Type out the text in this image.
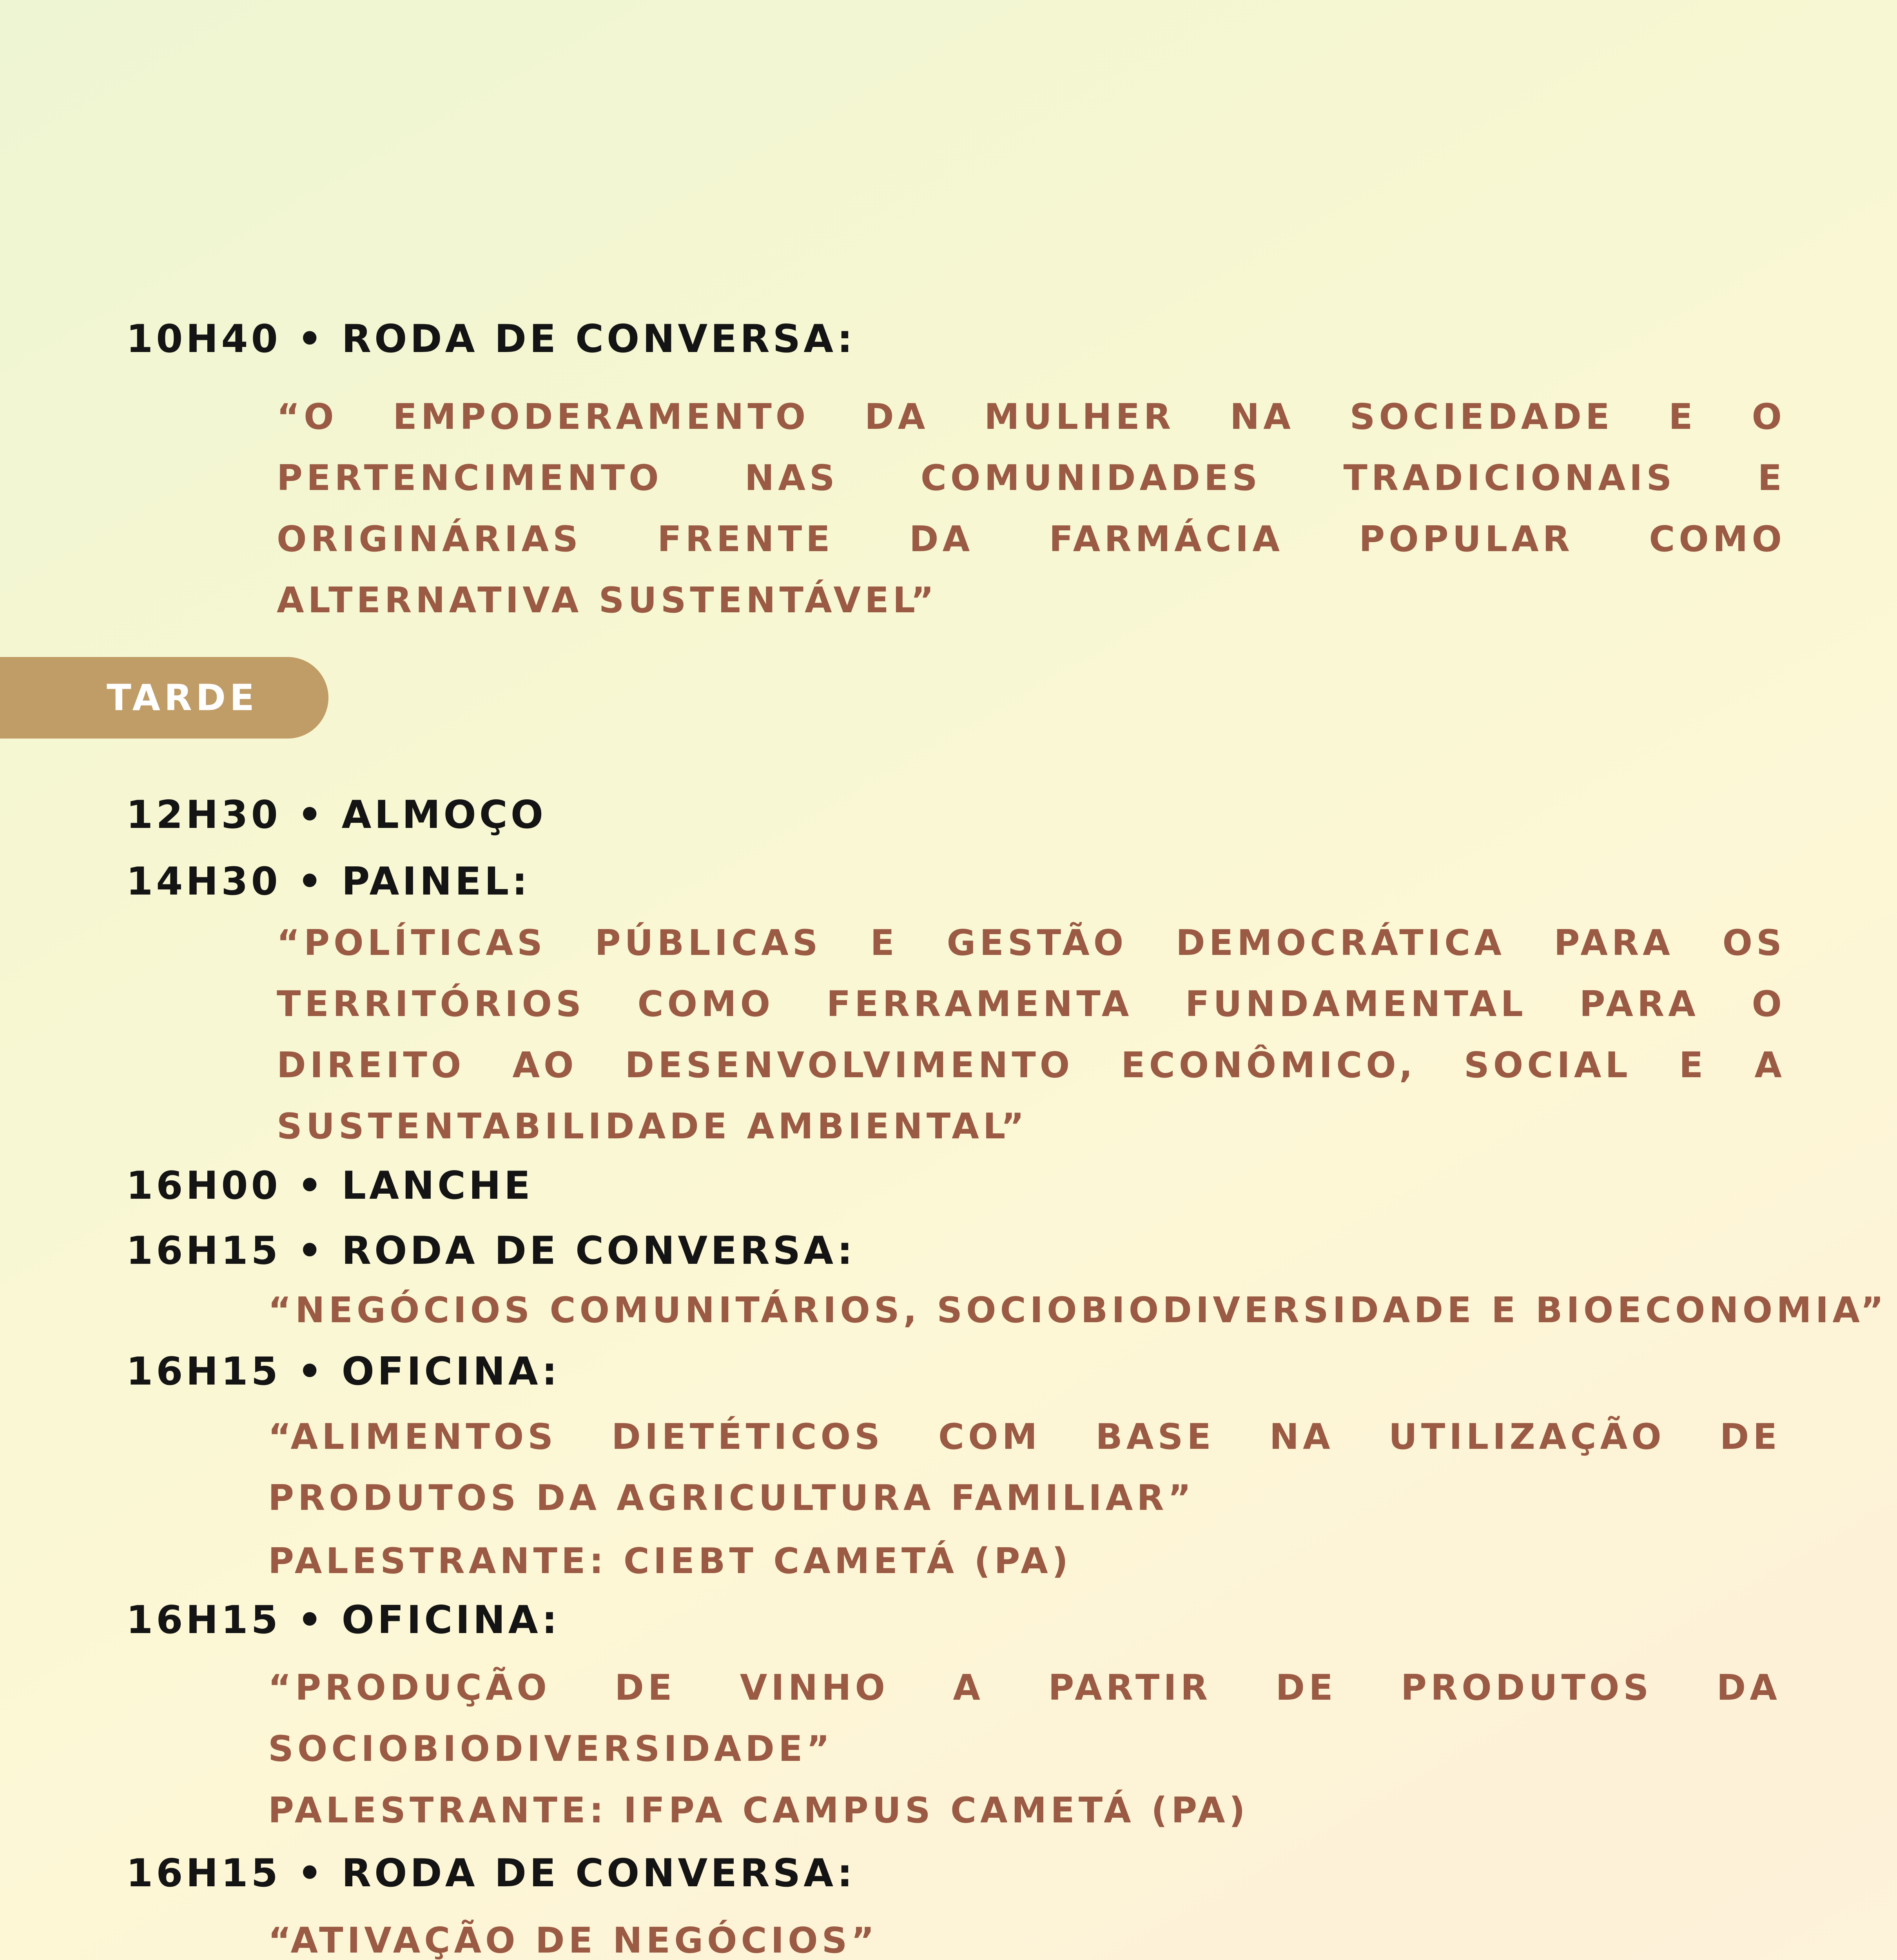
10H40 • RODA DE CONVERSA:

“O EMPODERAMENTO DA MULHER NA SOCIEDADE E O PERTENCIMENTO NAS COMUNIDADES TRADICIONAIS E ORIGINÁRIAS FRENTE DA FARMÁCIA POPULAR COMO ALTERNATIVA SUSTENTÁVEL”

TARDE
12H30 • ALMOÇO
14H30 • PAINEL:

“POLÍTICAS PÚBLICAS E GESTÃO DEMOCRÁTICA PARA OS TERRITÓRIOS COMO FERRAMENTA FUNDAMENTAL PARA O DIREITO AO DESENVOLVIMENTO ECONÔMICO, SOCIAL E A SUSTENTABILIDADE AMBIENTAL”

16H00 • LANCHE
16H15 • RODA DE CONVERSA:
“NEGÓCIOS COMUNITÁRIOS, SOCIOBIODIVERSIDADE E BIOECONOMIA”
16H15 • OFICINA:

“ALIMENTOS DIETÉTICOS COM BASE NA UTILIZAÇÃO DE PRODUTOS DA AGRICULTURA FAMILIAR”

PALESTRANTE: CIEBT CAMETÁ (PA)
16H15 • OFICINA:

“PRODUÇÃO DE VINHO A PARTIR DE PRODUTOS DA SOCIOBIODIVERSIDADE”

PALESTRANTE: IFPA CAMPUS CAMETÁ (PA)
16H15 • RODA DE CONVERSA:
“ATIVAÇÃO DE NEGÓCIOS”
